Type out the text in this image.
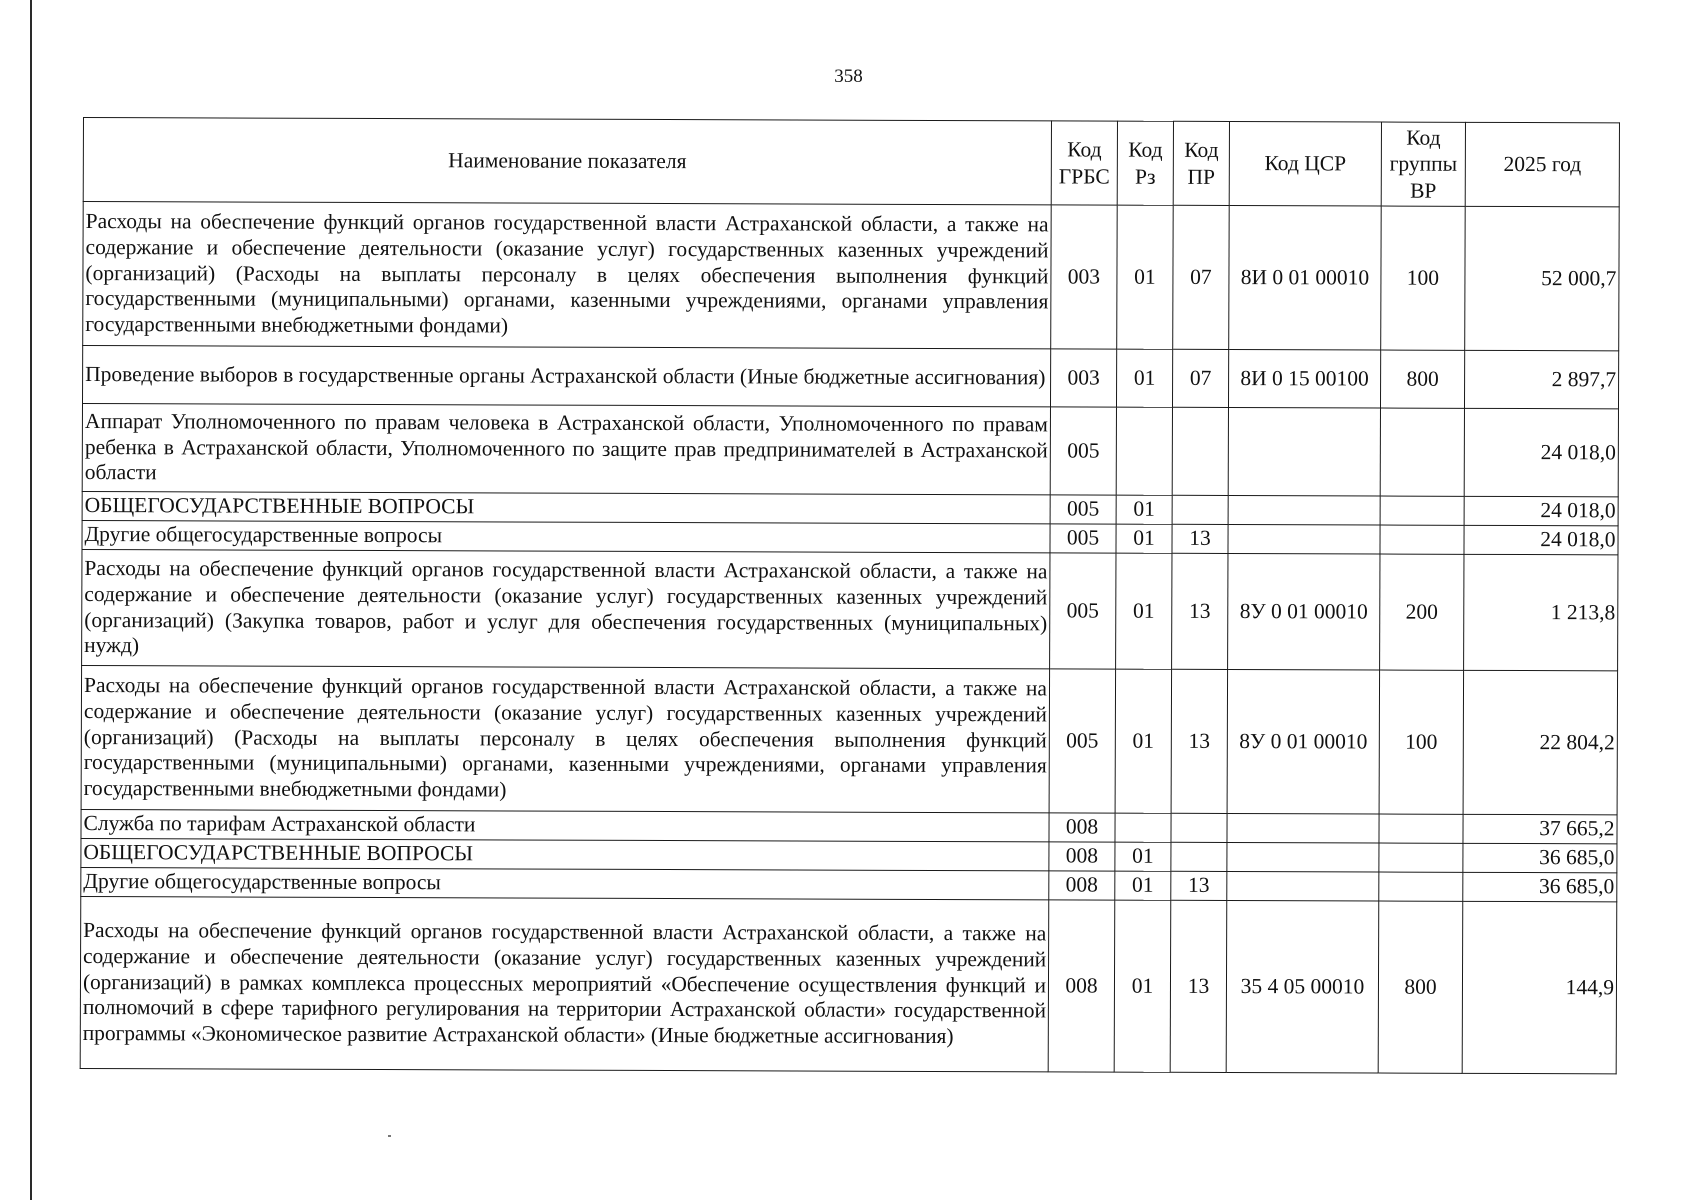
358
Наименование показателя	Код ГРБС	Код Рз	Код ПР	Код ЦСР	Код группы ВР	2025 год
Расходы на обеспечение функций органов государственной власти Астраханской области, а также на содержание и обеспечение деятельности (оказание услуг) государственных казенных учреждений (организаций) (Расходы на выплаты персоналу в целях обеспечения выполнения функций государственными (муниципальными) органами, казенными учреждениями, органами управления государственными внебюджетными фондами)	003	01	07	8И 0 01 00010	100	52 000,7
Проведение выборов в государственные органы Астраханской области (Иные бюджетные ассигнования)	003	01	07	8И 0 15 00100	800	2 897,7
Аппарат Уполномоченного по правам человека в Астраханской области, Уполномоченного по правам ребенка в Астраханской области, Уполномоченного по защите прав предпринимателей в Астраханской области	005					24 018,0
ОБЩЕГОСУДАРСТВЕННЫЕ ВОПРОСЫ	005	01				24 018,0
Другие общегосударственные вопросы	005	01	13			24 018,0
Расходы на обеспечение функций органов государственной власти Астраханской области, а также на содержание и обеспечение деятельности (оказание услуг) государственных казенных учреждений (организаций) (Закупка товаров, работ и услуг для обеспечения государственных (муниципальных) нужд)	005	01	13	8У 0 01 00010	200	1 213,8
Расходы на обеспечение функций органов государственной власти Астраханской области, а также на содержание и обеспечение деятельности (оказание услуг) государственных казенных учреждений (организаций) (Расходы на выплаты персоналу в целях обеспечения выполнения функций государственными (муниципальными) органами, казенными учреждениями, органами управления государственными внебюджетными фондами)	005	01	13	8У 0 01 00010	100	22 804,2
Служба по тарифам Астраханской области	008					37 665,2
ОБЩЕГОСУДАРСТВЕННЫЕ ВОПРОСЫ	008	01				36 685,0
Другие общегосударственные вопросы	008	01	13			36 685,0
Расходы на обеспечение функций органов государственной власти Астраханской области, а также на содержание и обеспечение деятельности (оказание услуг) государственных казенных учреждений (организаций) в рамках комплекса процессных мероприятий «Обеспечение осуществления функций и полномочий в сфере тарифного регулирования на территории Астраханской области» государственной программы «Экономическое развитие Астраханской области» (Иные бюджетные ассигнования)	008	01	13	35 4 05 00010	800	144,9
